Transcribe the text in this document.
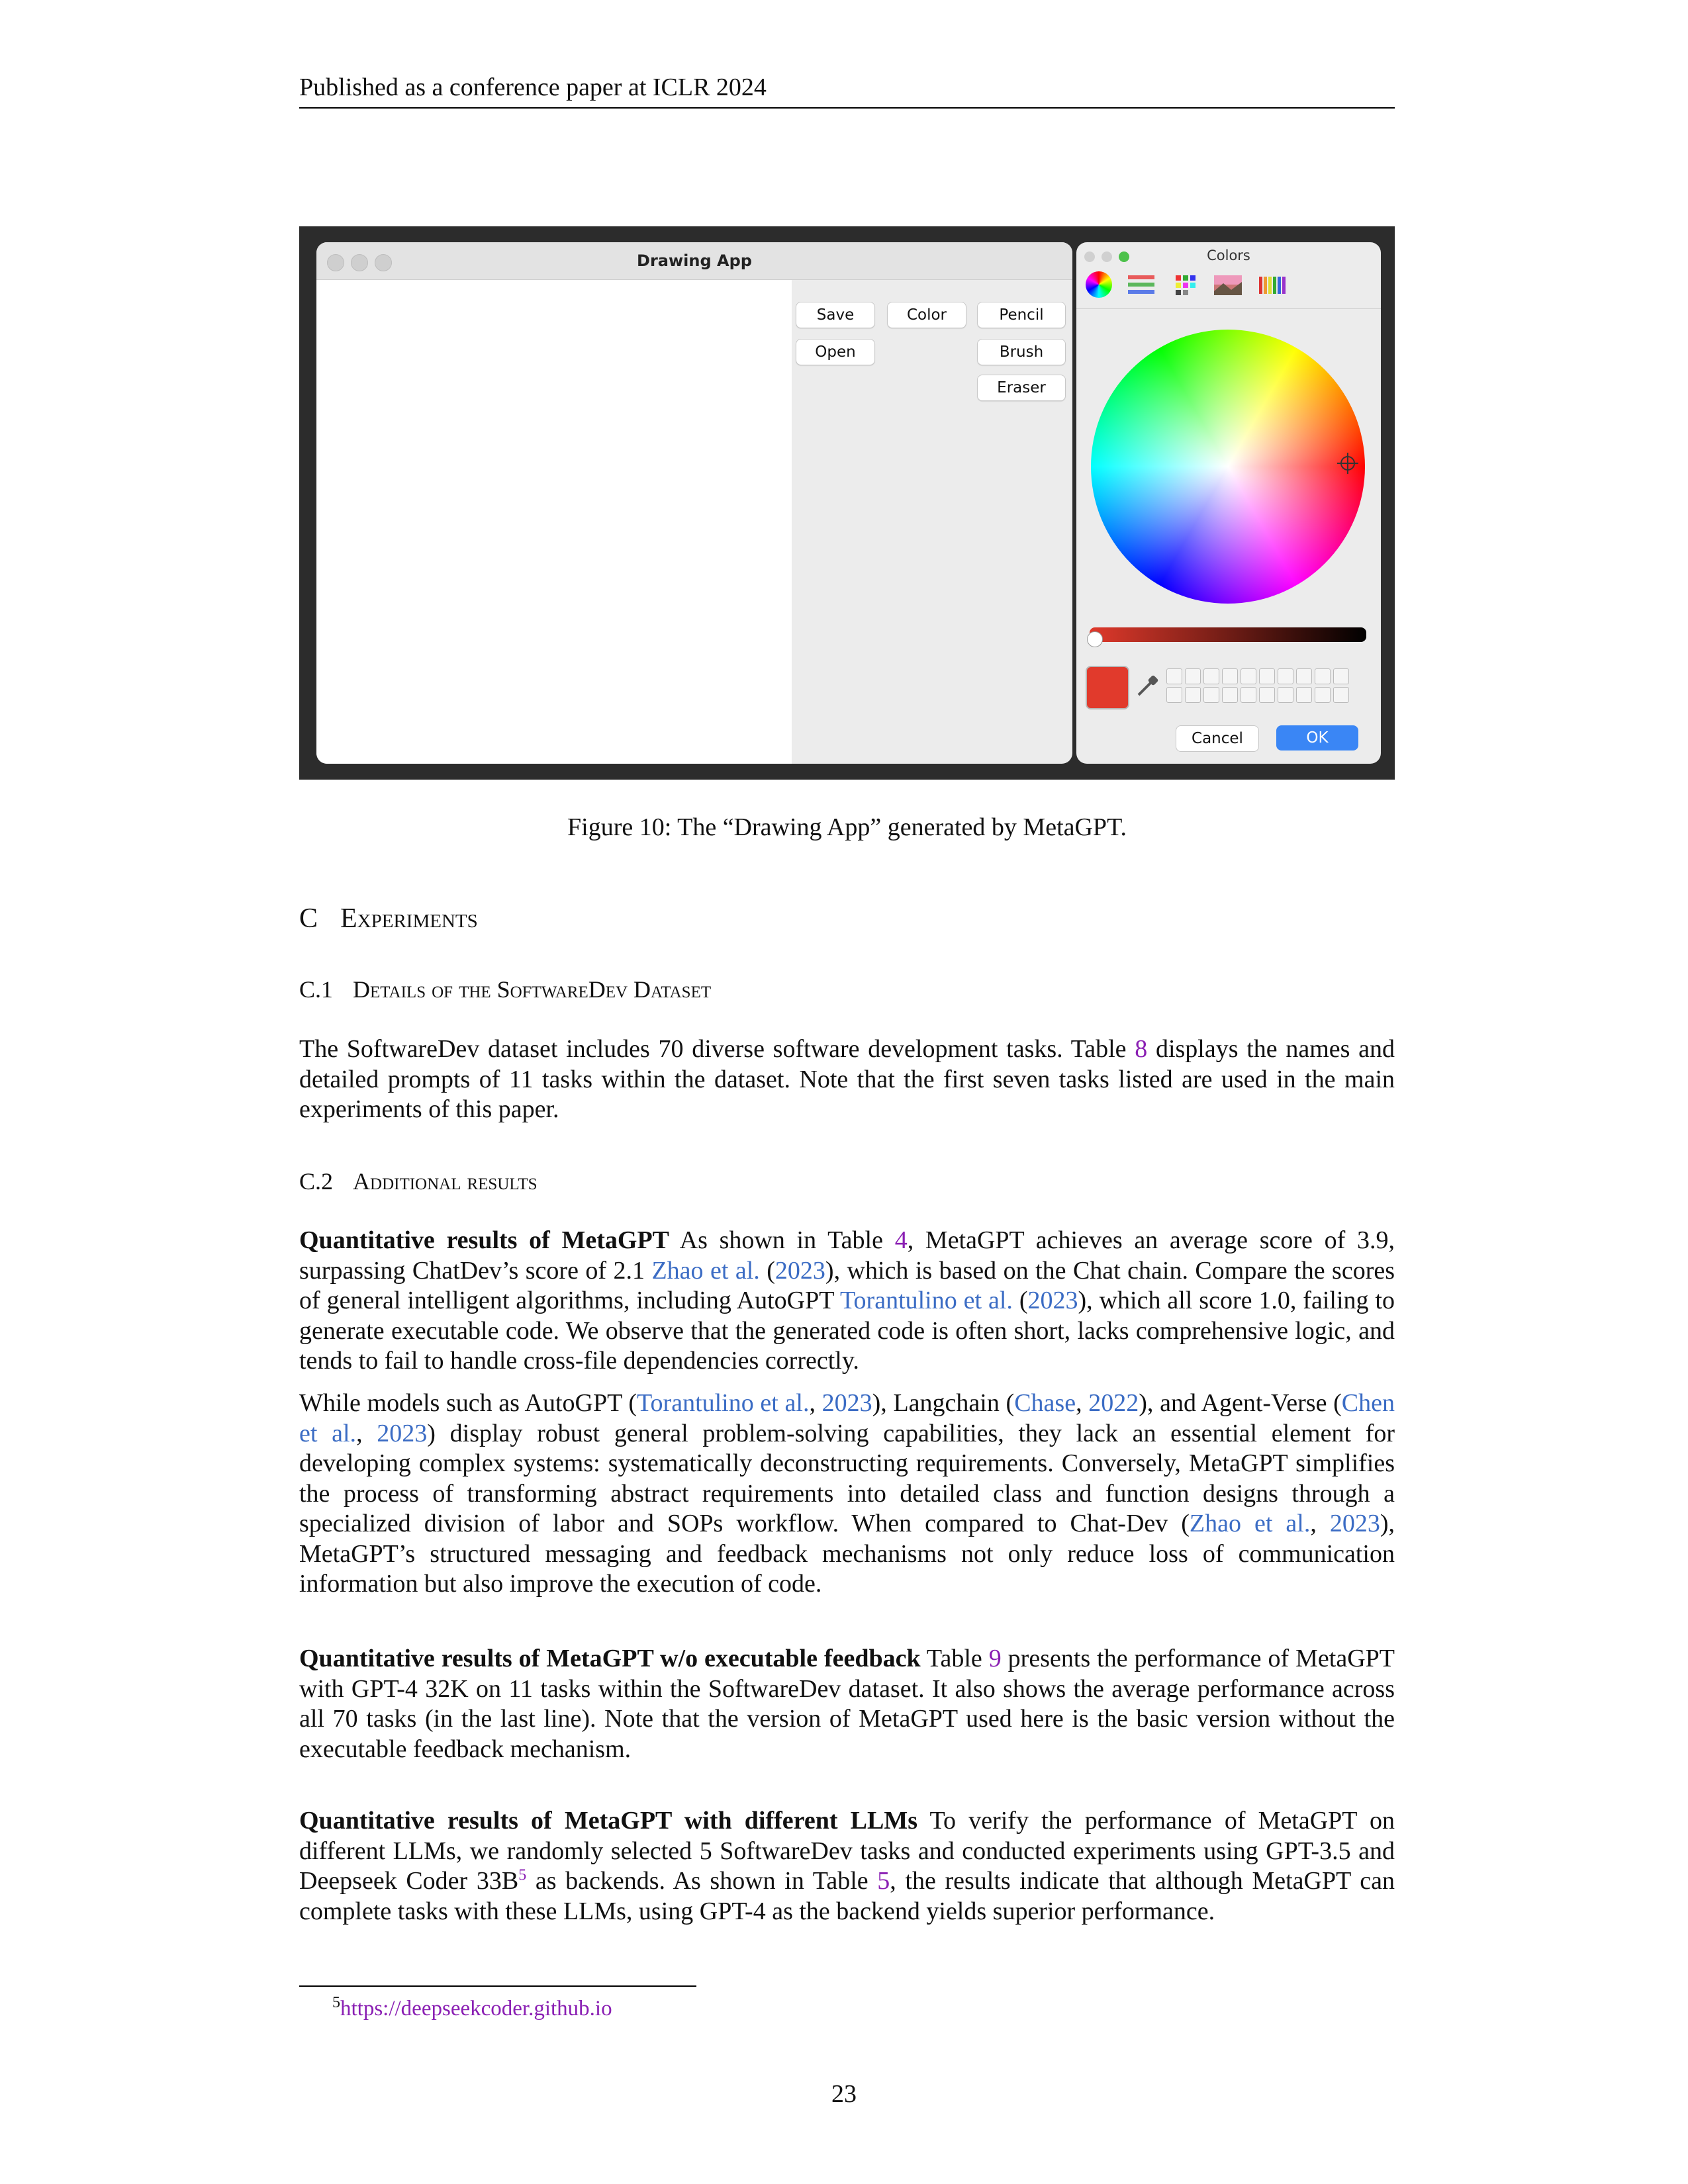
Published as a conference paper at ICLR 2024
Drawing App
Save	Color	Pencil
Open	Brush
Eraser
Colors
Cancel	OK
Figure 10: The “Drawing App” generated by MetaGPT.
C Experiments
C.1 Details of the SoftwareDev Dataset
The SoftwareDev dataset includes 70 diverse software development tasks. Table 8 displays the names and detailed prompts of 11 tasks within the dataset. Note that the first seven tasks listed are used in the main experiments of this paper.
C.2 Additional results
Quantitative results of MetaGPT As shown in Table 4, MetaGPT achieves an average score of 3.9, surpassing ChatDev’s score of 2.1 Zhao et al. (2023), which is based on the Chat chain. Compare the scores of general intelligent algorithms, including AutoGPT Torantulino et al. (2023), which all score 1.0, failing to generate executable code. We observe that the generated code is often short, lacks comprehensive logic, and tends to fail to handle cross-file dependencies correctly.
While models such as AutoGPT (Torantulino et al., 2023), Langchain (Chase, 2022), and Agent-Verse (Chen et al., 2023) display robust general problem-solving capabilities, they lack an essential element for developing complex systems: systematically deconstructing requirements. Conversely, MetaGPT simplifies the process of transforming abstract requirements into detailed class and function designs through a specialized division of labor and SOPs workflow. When compared to Chat-Dev (Zhao et al., 2023), MetaGPT’s structured messaging and feedback mechanisms not only reduce loss of communication information but also improve the execution of code.
Quantitative results of MetaGPT w/o executable feedback Table 9 presents the performance of MetaGPT with GPT-4 32K on 11 tasks within the SoftwareDev dataset. It also shows the average performance across all 70 tasks (in the last line). Note that the version of MetaGPT used here is the basic version without the executable feedback mechanism.
Quantitative results of MetaGPT with different LLMs To verify the performance of MetaGPT on different LLMs, we randomly selected 5 SoftwareDev tasks and conducted experiments using GPT-3.5 and Deepseek Coder 33B$^5$ as backends. As shown in Table 5, the results indicate that although MetaGPT can complete tasks with these LLMs, using GPT-4 as the backend yields superior performance.
$^5$https://deepseekcoder.github.io
23
